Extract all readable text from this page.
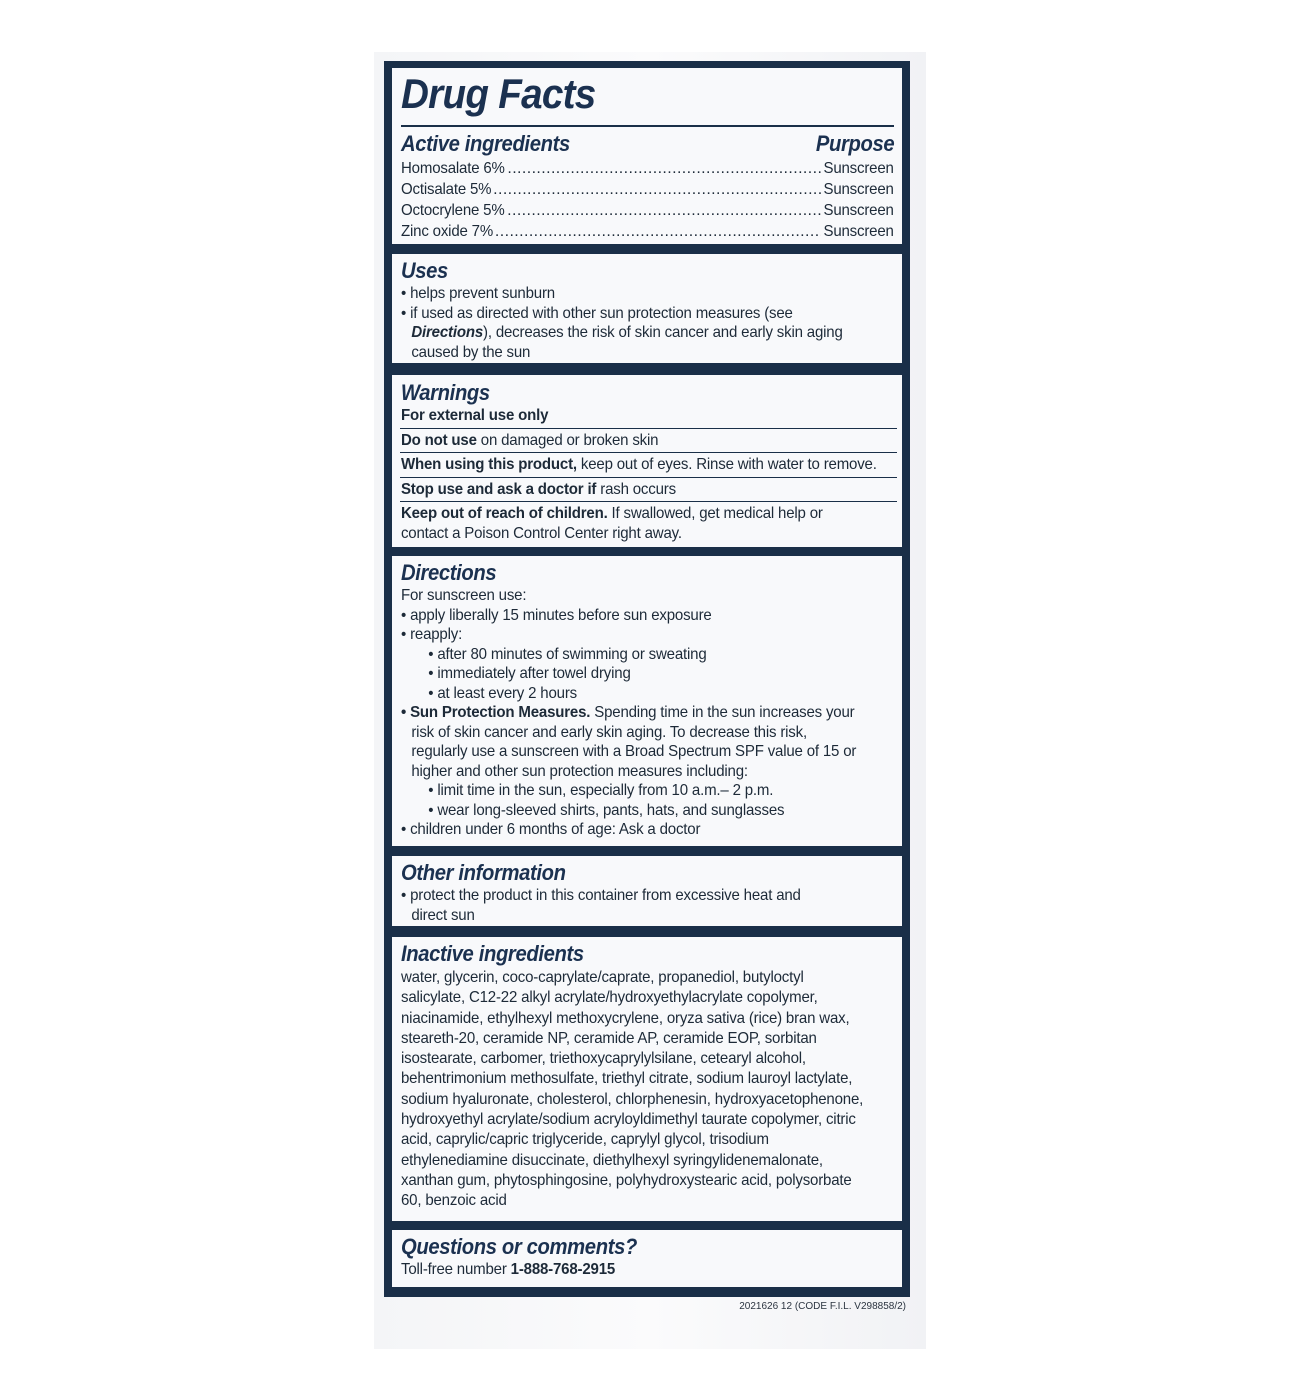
Drug Facts
Active ingredients	Purpose
Homosalate 6% .....	Sunscreen
Octisalate 5% .....	Sunscreen
Octocrylene 5% .....	Sunscreen
Zinc oxide 7% .....	Sunscreen
Uses
• helps prevent sunburn
• if used as directed with other sun protection measures (see
Directions), decreases the risk of skin cancer and early skin aging
caused by the sun
Warnings
For external use only
Do not use on damaged or broken skin
When using this product, keep out of eyes. Rinse with water to remove.
Stop use and ask a doctor if rash occurs
Keep out of reach of children. If swallowed, get medical help or
contact a Poison Control Center right away.
Directions
For sunscreen use:
• apply liberally 15 minutes before sun exposure
• reapply:
• after 80 minutes of swimming or sweating
• immediately after towel drying
• at least every 2 hours
• Sun Protection Measures. Spending time in the sun increases your
risk of skin cancer and early skin aging. To decrease this risk,
regularly use a sunscreen with a Broad Spectrum SPF value of 15 or
higher and other sun protection measures including:
• limit time in the sun, especially from 10 a.m.– 2 p.m.
• wear long-sleeved shirts, pants, hats, and sunglasses
• children under 6 months of age: Ask a doctor
Other information
• protect the product in this container from excessive heat and
direct sun
Inactive ingredients
water, glycerin, coco-caprylate/caprate, propanediol, butyloctyl
salicylate, C12-22 alkyl acrylate/hydroxyethylacrylate copolymer,
niacinamide, ethylhexyl methoxycrylene, oryza sativa (rice) bran wax,
steareth-20, ceramide NP, ceramide AP, ceramide EOP, sorbitan
isostearate, carbomer, triethoxycaprylylsilane, cetearyl alcohol,
behentrimonium methosulfate, triethyl citrate, sodium lauroyl lactylate,
sodium hyaluronate, cholesterol, chlorphenesin, hydroxyacetophenone,
hydroxyethyl acrylate/sodium acryloyldimethyl taurate copolymer, citric
acid, caprylic/capric triglyceride, caprylyl glycol, trisodium
ethylenediamine disuccinate, diethylhexyl syringylidenemalonate,
xanthan gum, phytosphingosine, polyhydroxystearic acid, polysorbate
60, benzoic acid
Questions or comments?
Toll-free number 1-888-768-2915
2021626 12 (CODE F.I.L. V298858/2)
